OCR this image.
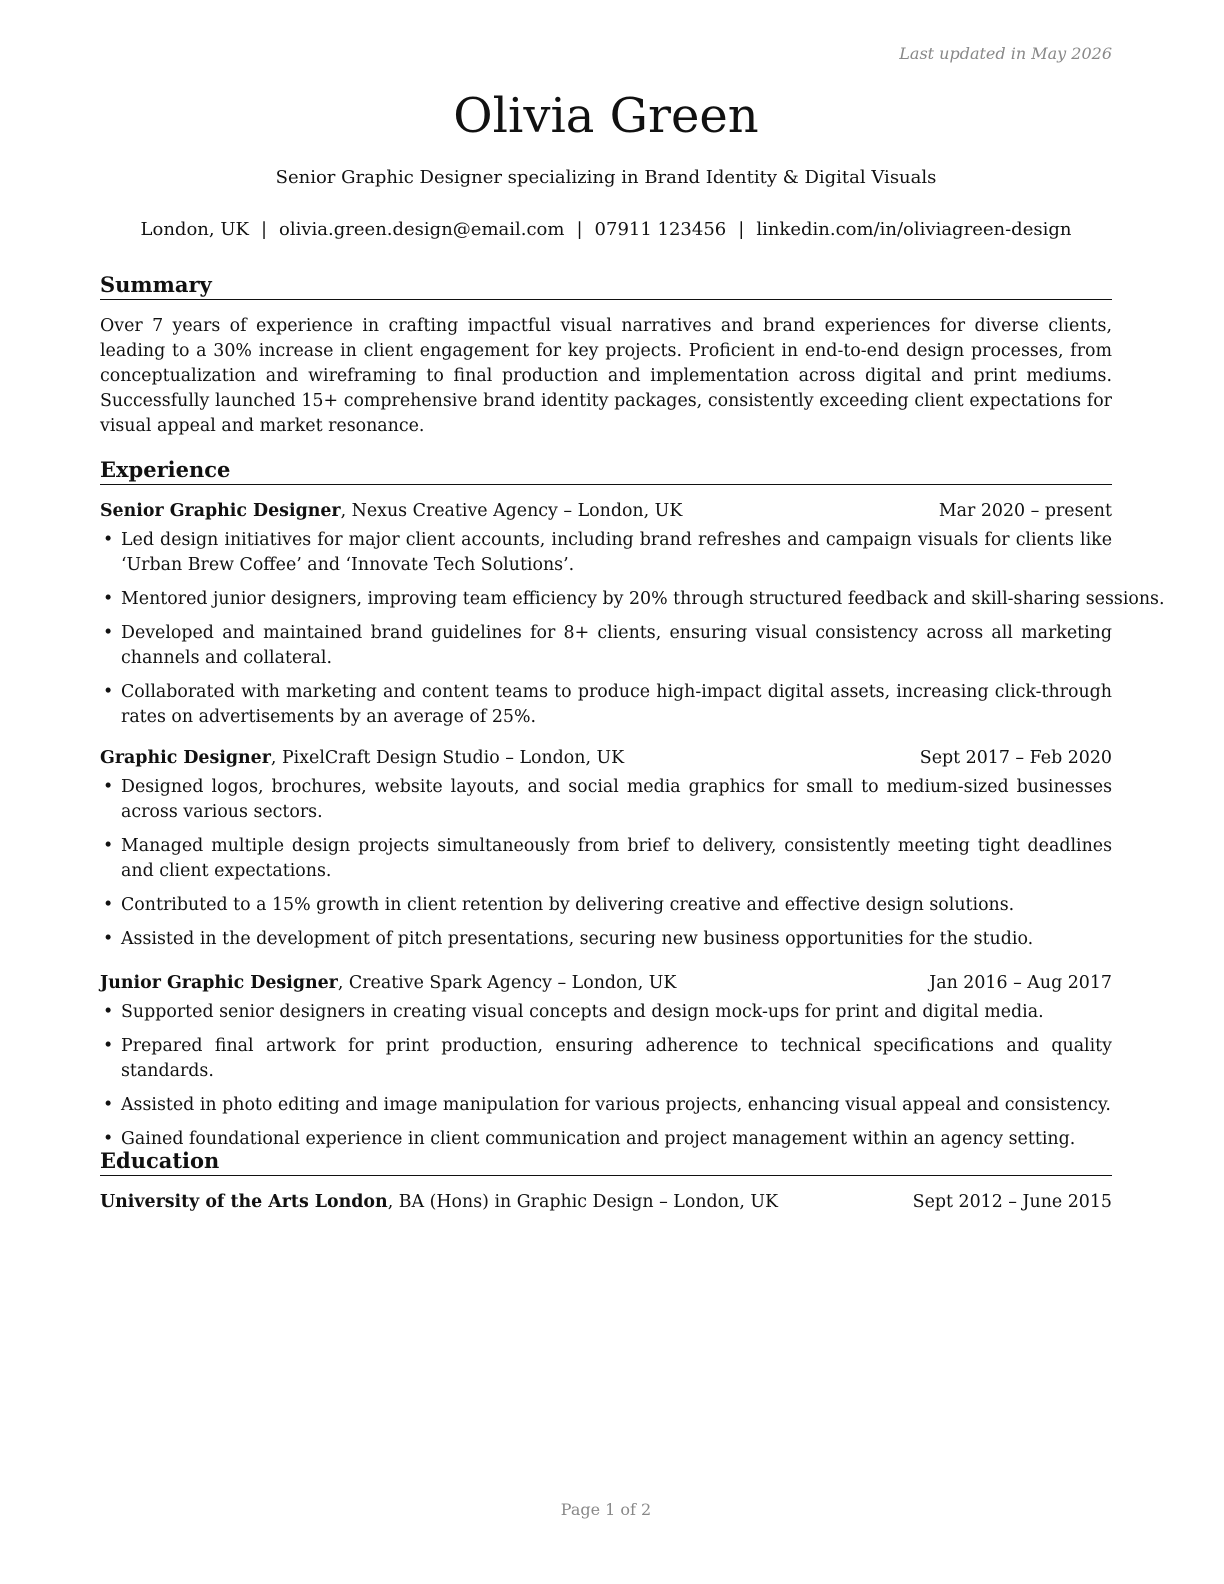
Last updated in May 2026
Olivia Green
Senior Graphic Designer specializing in Brand Identity & Digital Visuals
London, UK | olivia.green.design@email.com | 07911 123456 | linkedin.com/in/oliviagreen-design
Summary

Over 7 years of experience in crafting impactful visual narratives and brand experiences for diverse clients, leading to a 30% increase in client engagement for key projects. Proficient in end-to-end design processes, from conceptualization and wireframing to final production and implementation across digital and print mediums. Successfully launched 15+ comprehensive brand identity packages, consistently exceeding client expectations for visual appeal and market resonance.

Experience
Senior Graphic Designer, Nexus Creative Agency – London, UK	Mar 2020 – present
• Led design initiatives for major client accounts, including brand refreshes and campaign visuals for clients like ‘Urban Brew Coffee’ and ‘Innovate Tech Solutions’.
• Mentored junior designers, improving team efficiency by 20% through structured feedback and skill-sharing sessions.
• Developed and maintained brand guidelines for 8+ clients, ensuring visual consistency across all marketing channels and collateral.
• Collaborated with marketing and content teams to produce high-impact digital assets, increasing click-through rates on advertisements by an average of 25%.
Graphic Designer, PixelCraft Design Studio – London, UK	Sept 2017 – Feb 2020
• Designed logos, brochures, website layouts, and social media graphics for small to medium-sized businesses across various sectors.
• Managed multiple design projects simultaneously from brief to delivery, consistently meeting tight deadlines and client expectations.
• Contributed to a 15% growth in client retention by delivering creative and effective design solutions.
• Assisted in the development of pitch presentations, securing new business opportunities for the studio.
Junior Graphic Designer, Creative Spark Agency – London, UK	Jan 2016 – Aug 2017
• Supported senior designers in creating visual concepts and design mock-ups for print and digital media.
• Prepared final artwork for print production, ensuring adherence to technical specifications and quality standards.
• Assisted in photo editing and image manipulation for various projects, enhancing visual appeal and consistency.
• Gained foundational experience in client communication and project management within an agency setting.
Education
University of the Arts London, BA (Hons) in Graphic Design – London, UK	Sept 2012 – June 2015
Page 1 of 2
